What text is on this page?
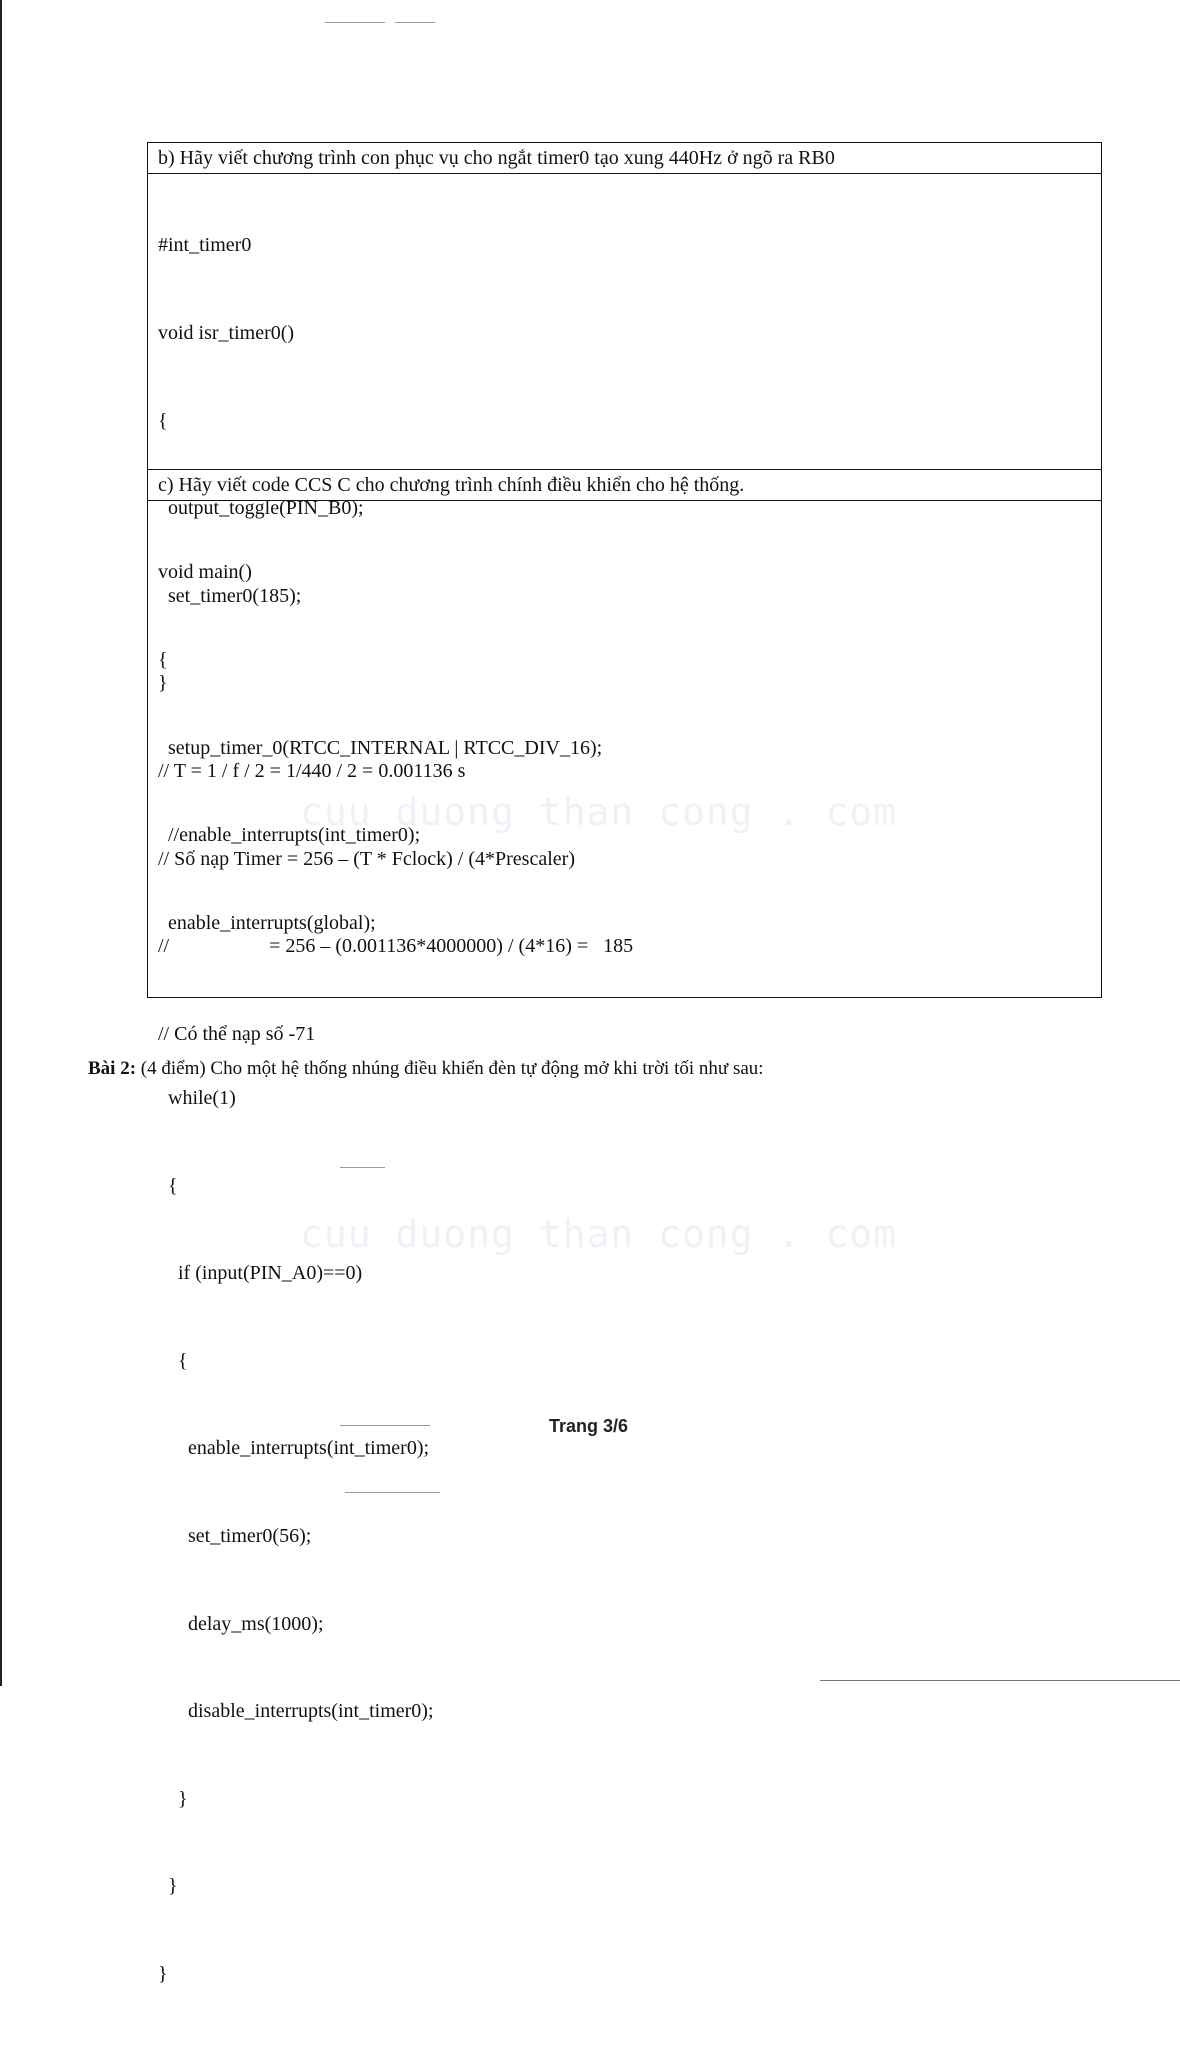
cuu duong than cong . com
cuu duong than cong . com
b) Hãy viết chương trình con phục vụ cho ngắt timer0 tạo xung 440Hz ở ngõ ra RB0

#int_timer0

void isr_timer0()

{

output_toggle(PIN_B0);

set_timer0(185);

}

// T = 1 / f / 2 = 1/440 / 2 = 0.001136 s

// Số nạp Timer = 256 – (T * Fclock) / (4*Prescaler)

//                    = 256 – (0.001136*4000000) / (4*16) =   185

// Có thể nạp số -71

c) Hãy viết code CCS C cho chương trình chính điều khiển cho hệ thống.

void main()

{

setup_timer_0(RTCC_INTERNAL | RTCC_DIV_16);

//enable_interrupts(int_timer0);

enable_interrupts(global);

while(1)

{

if (input(PIN_A0)==0)

{

enable_interrupts(int_timer0);

set_timer0(56);

delay_ms(1000);

disable_interrupts(int_timer0);

}

}

}

Bài 2: (4 điểm) Cho một hệ thống nhúng điều khiển đèn tự động mở khi trời tối như sau:
Trang 3/6
